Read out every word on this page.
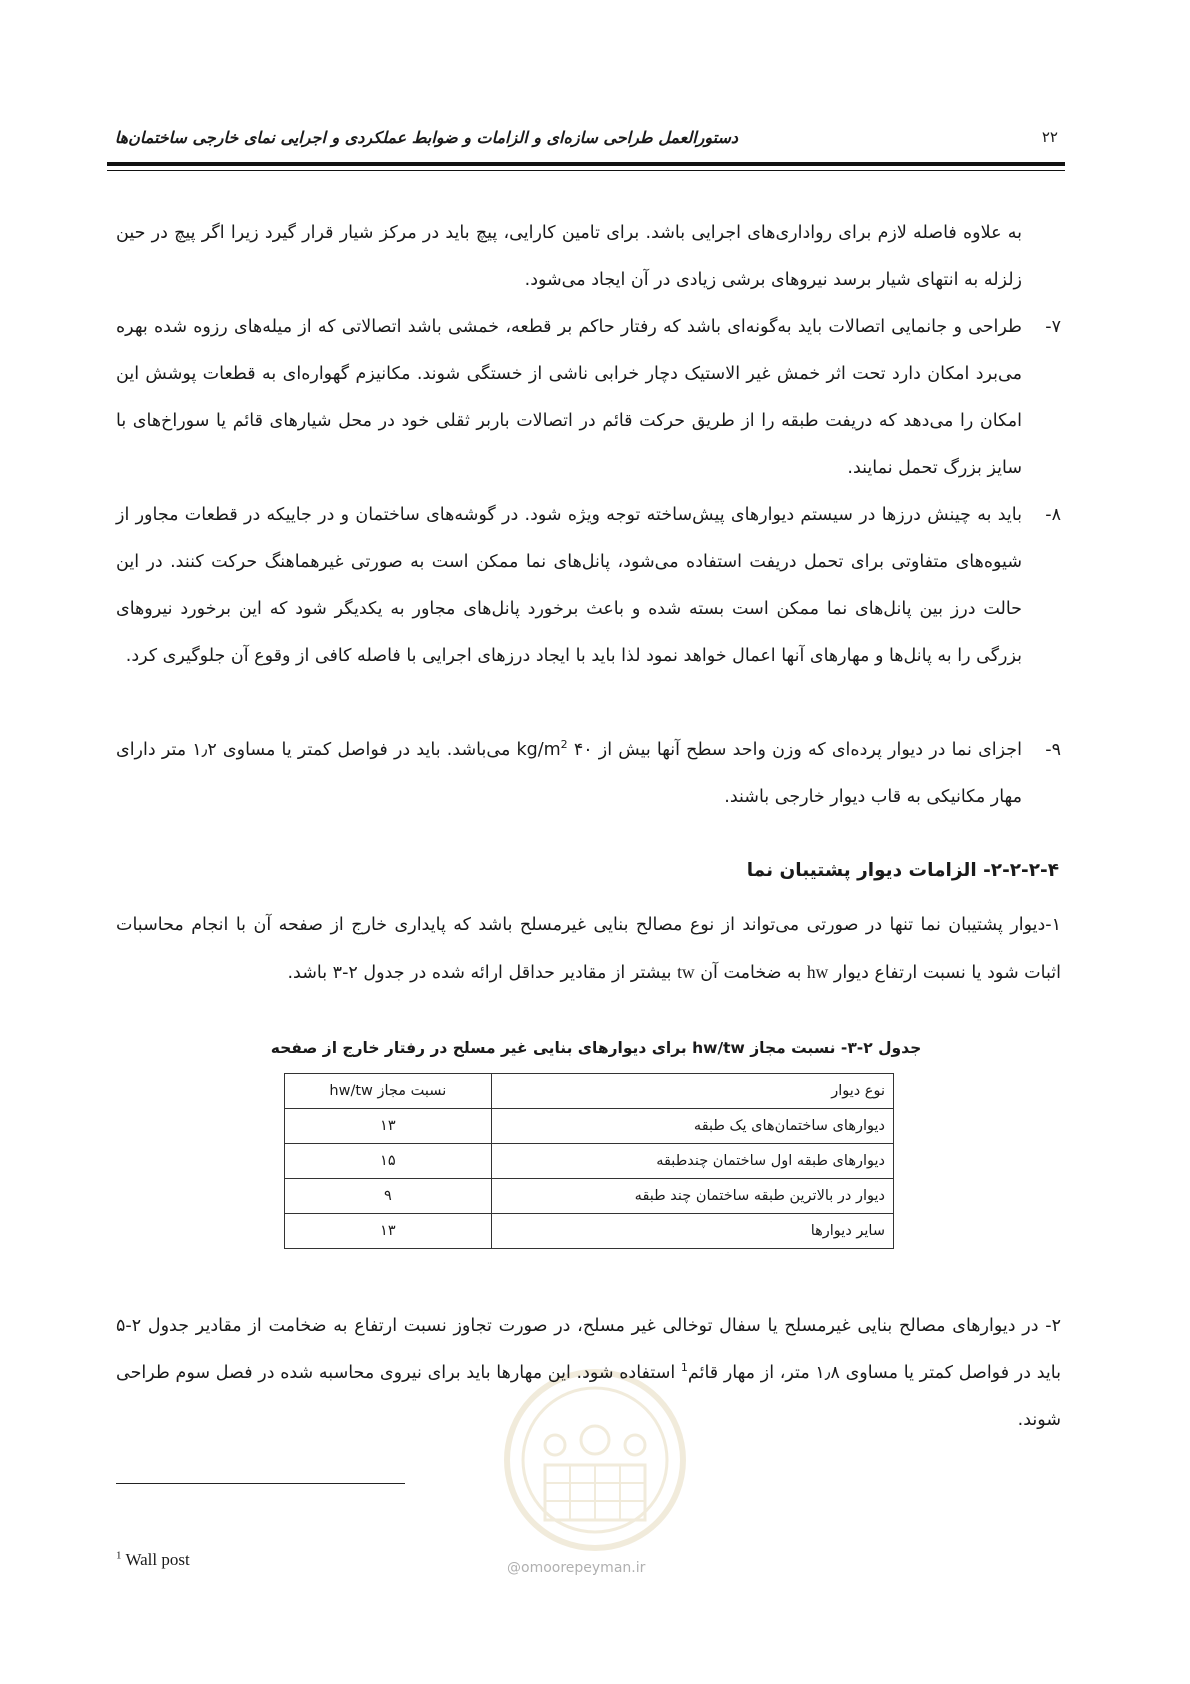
دستورالعمل طراحی سازه‌ای و الزامات و ضوابط عملکردی و اجرایی نمای خارجی ساختمان‌ها	۲۲
به علاوه فاصله لازم برای رواداری‌های اجرایی باشد. برای تامین کارایی، پیچ باید در مرکز شیار قرار گیرد زیرا اگر پیچ در حین زلزله به انتهای شیار برسد نیروهای برشی زیادی در آن ایجاد می‌شود.
۷-
طراحی و جانمایی اتصالات باید به‌گونه‌ای باشد که رفتار حاکم بر قطعه، خمشی باشد اتصالاتی که از میله‌های رزوه شده بهره می‌برد امکان دارد تحت اثر خمش غیر الاستیک دچار خرابی ناشی از خستگی شوند. مکانیزم گهواره‌ای به قطعات پوشش این امکان را می‌دهد که دریفت طبقه را از طریق حرکت قائم در اتصالات باربر ثقلی خود در محل شیارهای قائم یا سوراخ‌های با سایز بزرگ تحمل نمایند.
۸-
باید به چینش درزها در سیستم دیوارهای پیش‌ساخته توجه ویژه شود. در گوشه‌های ساختمان و در جاییکه در قطعات مجاور از شیوه‌های متفاوتی برای تحمل دریفت استفاده می‌شود، پانل‌های نما ممکن است به صورتی غیرهماهنگ حرکت کنند. در این حالت درز بین پانل‌های نما ممکن است بسته شده و باعث برخورد پانل‌های مجاور به یکدیگر شود که این برخورد نیروهای بزرگی را به پانل‌ها و مهارهای آنها اعمال خواهد نمود لذا باید با ایجاد درزهای اجرایی با فاصله کافی از وقوع آن جلوگیری کرد.
۹-
اجزای نما در دیوار پرده‌ای که وزن واحد سطح آنها بیش از ۴۰ $kg/m^2$ می‌باشد. باید در فواصل کمتر یا مساوی ۱٫۲ متر دارای مهار مکانیکی به قاب دیوار خارجی باشند.
۲-۲-۲-۴- الزامات دیوار پشتیبان نما
۱-دیوار پشتیبان نما تنها در صورتی می‌تواند از نوع مصالح بنایی غیرمسلح باشد که پایداری خارج از صفحه آن با انجام محاسبات اثبات شود یا نسبت ارتفاع دیوار hw به ضخامت آن tw بیشتر از مقادیر حداقل ارائه شده در جدول ۲-۳ باشد.
جدول ۲-۳- نسبت مجاز hw/tw برای دیوارهای بنایی غیر مسلح در رفتار خارج از صفحه
نوع دیوار	نسبت مجاز hw/tw
دیوارهای ساختمان‌های یک طبقه	۱۳
دیوارهای طبقه اول ساختمان چندطبقه	۱۵
دیوار در بالاترین طبقه ساختمان چند طبقه	۹
سایر دیوارها	۱۳
@omoorepeyman.ir
۲- در دیوارهای مصالح بنایی غیرمسلح یا سفال توخالی غیر مسلح، در صورت تجاوز نسبت ارتفاع به ضخامت از مقادیر جدول ۲-۵ باید در فواصل کمتر یا مساوی ۱٫۸ متر، از مهار قائم$^1$ استفاده شود. این مهارها باید برای نیروی محاسبه شده در فصل سوم طراحی شوند.
$^1$ Wall post
